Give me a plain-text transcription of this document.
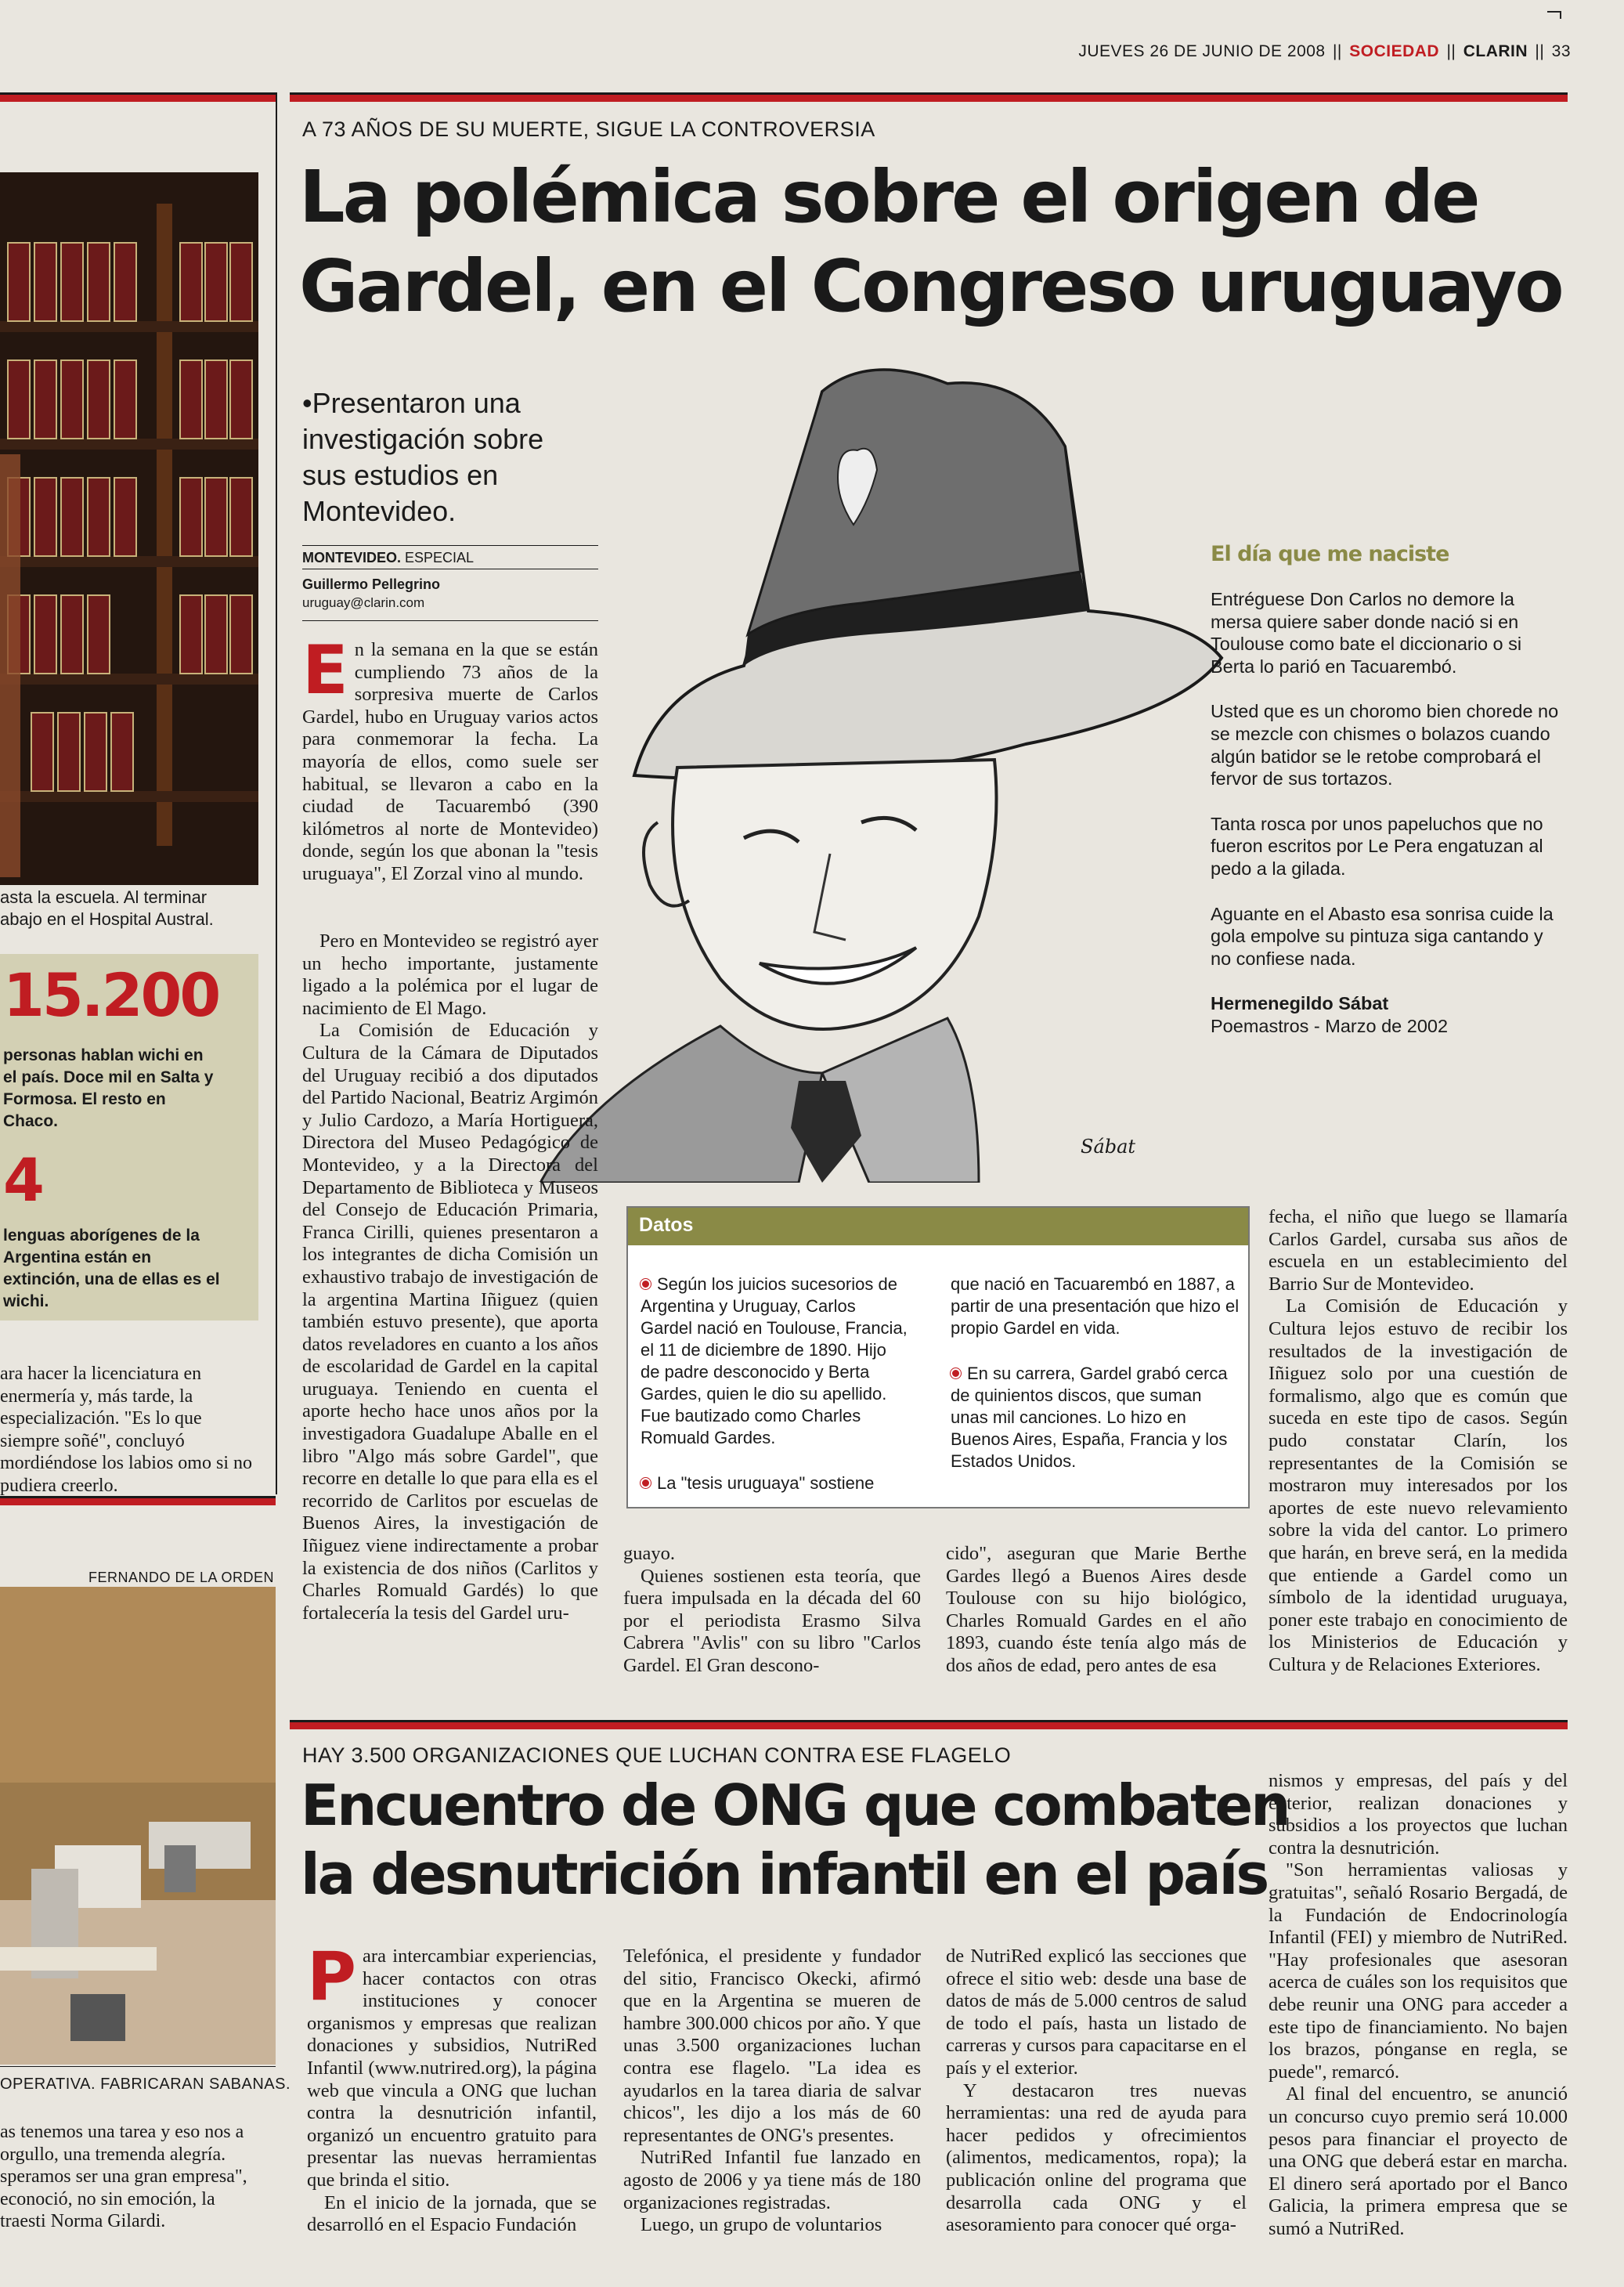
JUEVES 26 DE JUNIO DE 2008 || SOCIEDAD || CLARIN || 33
asta la escuela. Al terminar
abajo en el Hospital Austral.
15.200
personas hablan wichi en el país. Doce mil en Salta y Formosa. El resto en Chaco.
4
lenguas aborígenes de la Argentina están en extinción, una de ellas es el wichi.
ara hacer la licenciatura en enermería y, más tarde, la especialización. "Es lo que siempre soñé", concluyó mordiéndose los labios omo si no pudiera creerlo.
FERNANDO DE LA ORDEN
OPERATIVA. FABRICARAN SABANAS.
as tenemos una tarea y eso nos a orgullo, una tremenda alegría. speramos ser una gran empresa", econoció, no sin emoción, la traesti Norma Gilardi.
A 73 AÑOS DE SU MUERTE, SIGUE LA CONTROVERSIA
La polémica sobre el origen de
Gardel, en el Congreso uruguayo
•Presentaron una investigación sobre sus estudios en Montevideo.
MONTEVIDEO. ESPECIAL
Guillermo Pellegrino
uruguay@clarin.com
Sábat
El día que me naciste

Entréguese Don Carlos no demore la mersa quiere saber donde nació si en Toulouse como bate el diccionario o si Berta lo parió en Tacuarembó.

Usted que es un choromo bien chorede no se mezcle con chismes o bolazos cuando algún batidor se le retobe comprobará el fervor de sus tortazos.

Tanta rosca por unos papeluchos que no fueron escritos por Le Pera engatuzan al pedo a la gilada.

Aguante en el Abasto esa sonrisa cuide la gola empolve su pintuza siga cantando y no confiese nada.

Hermenegildo Sábat
Poemastros - Marzo de 2002

En la semana en la que se están cumpliendo 73 años de la sorpresiva muerte de Carlos Gardel, hubo en Uruguay varios actos para conmemorar la fecha. La mayoría de ellos, como suele ser habitual, se llevaron a cabo en la ciudad de Tacuarembó (390 kilómetros al norte de Montevideo) donde, según los que abonan la "tesis uruguaya", El Zorzal vino al mundo.

Pero en Montevideo se registró ayer un hecho importante, justamente ligado a la polémica por el lugar de nacimiento de El Mago.

La Comisión de Educación y Cultura de la Cámara de Diputados del Uruguay recibió a dos diputados del Partido Nacional, Beatriz Argimón y Julio Cardozo, a María Hortiguera, Directora del Museo Pedagógico de Montevideo, y a la Directora del Departamento de Biblioteca y Museos del Consejo de Educación Primaria, Franca Cirilli, quienes presentaron a los integrantes de dicha Comisión un exhaustivo trabajo de investigación de la argentina Martina Iñiguez (quien también estuvo presente), que aporta datos reveladores en cuanto a los años de escolaridad de Gardel en la capital uruguaya. Teniendo en cuenta el aporte hecho hace unos años por la investigadora Guadalupe Aballe en el libro "Algo más sobre Gardel", que recorre en detalle lo que para ella es el recorrido de Carlitos por escuelas de Buenos Aires, la investigación de Iñiguez viene indirectamente a probar la existencia de dos niños (Carlitos y Charles Romuald Gardés) lo que fortalecería la tesis del Gardel uru-

Datos

Según los juicios sucesorios de Argentina y Uruguay, Carlos Gardel nació en Toulouse, Francia, el 11 de diciembre de 1890. Hijo de padre desconocido y Berta Gardes, quien le dio su apellido. Fue bautizado como Charles Romuald Gardes.

La "tesis uruguaya" sostiene

que nació en Tacuarembó en 1887, a partir de una presentación que hizo el propio Gardel en vida.

En su carrera, Gardel grabó cerca de quinientos discos, que suman unas mil canciones. Lo hizo en Buenos Aires, España, Francia y los Estados Unidos.

guayo.

Quienes sostienen esta teoría, que fuera impulsada en la década del 60 por el periodista Erasmo Silva Cabrera "Avlis" con su libro "Carlos Gardel. El Gran descono-

cido", aseguran que Marie Berthe Gardes llegó a Buenos Aires desde Toulouse con su hijo biológico, Charles Romuald Gardes en el año 1893, cuando éste tenía algo más de dos años de edad, pero antes de esa

fecha, el niño que luego se llamaría Carlos Gardel, cursaba sus años de escuela en un establecimiento del Barrio Sur de Montevideo.

La Comisión de Educación y Cultura lejos estuvo de recibir los resultados de la investigación de Iñiguez solo por una cuestión de formalismo, algo que es común que suceda en este tipo de casos. Según pudo constatar Clarín, los representantes de la Comisión se mostraron muy interesados por los aportes de este nuevo relevamiento sobre la vida del cantor. Lo primero que harán, en breve será, en la medida que entiende a Gardel como un símbolo de la identidad uruguaya, poner este trabajo en conocimiento de los Ministerios de Educación y Cultura y de Relaciones Exteriores.

HAY 3.500 ORGANIZACIONES QUE LUCHAN CONTRA ESE FLAGELO
Encuentro de ONG que combaten
la desnutrición infantil en el país

Para intercambiar experiencias, hacer contactos con otras instituciones y conocer organismos y empresas que realizan donaciones y subsidios, NutriRed Infantil (www.nutrired.org), la página web que vincula a ONG que luchan contra la desnutrición infantil, organizó un encuentro gratuito para presentar las nuevas herramientas que brinda el sitio.

En el inicio de la jornada, que se desarrolló en el Espacio Fundación

Telefónica, el presidente y fundador del sitio, Francisco Okecki, afirmó que en la Argentina se mueren de hambre 300.000 chicos por año. Y que unas 3.500 organizaciones luchan contra ese flagelo. "La idea es ayudarlos en la tarea diaria de salvar chicos", les dijo a los más de 60 representantes de ONG's presentes.

NutriRed Infantil fue lanzado en agosto de 2006 y ya tiene más de 180 organizaciones registradas.

Luego, un grupo de voluntarios

de NutriRed explicó las secciones que ofrece el sitio web: desde una base de datos de más de 5.000 centros de salud de todo el país, hasta un listado de carreras y cursos para capacitarse en el país y el exterior.

Y destacaron tres nuevas herramientas: una red de ayuda para hacer pedidos y ofrecimientos (alimentos, medicamentos, ropa); la publicación online del programa que desarrolla cada ONG y el asesoramiento para conocer qué orga-

nismos y empresas, del país y del exterior, realizan donaciones y subsidios a los proyectos que luchan contra la desnutrición.

"Son herramientas valiosas y gratuitas", señaló Rosario Bergadá, de la Fundación de Endocrinología Infantil (FEI) y miembro de NutriRed. "Hay profesionales que asesoran acerca de cuáles son los requisitos que debe reunir una ONG para acceder a este tipo de financiamiento. No bajen los brazos, pónganse en regla, se puede", remarcó.

Al final del encuentro, se anunció un concurso cuyo premio será 10.000 pesos para financiar el proyecto de una ONG que deberá estar en marcha. El dinero será aportado por el Banco Galicia, la primera empresa que se sumó a NutriRed.
